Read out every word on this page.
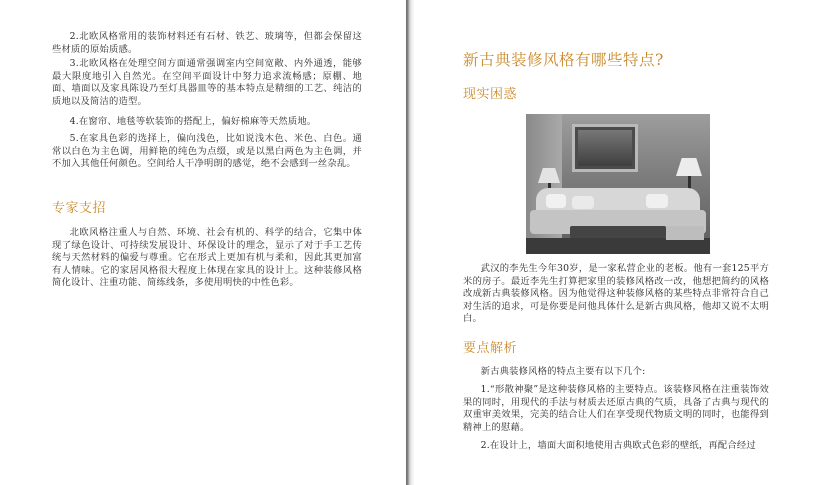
2.北欧风格常用的装饰材料还有石材、铁艺、玻璃等，但都会保留这些材质的原始质感。

3.北欧风格在处理空间方面通常强调室内空间宽敞、内外通透，能够最大限度地引入自然光。在空间平面设计中努力追求流畅感；原棚、地面、墙面以及家具陈设乃至灯具器皿等的基本特点是精细的工艺、纯洁的质地以及简洁的造型。

4.在窗帘、地毯等软装饰的搭配上，偏好棉麻等天然质地。

5.在家具色彩的选择上，偏向浅色，比如说浅木色、米色、白色。通常以白色为主色调，用鲜艳的纯色为点缀，或是以黑白两色为主色调，并不加入其他任何颜色。空间给人干净明朗的感觉，绝不会感到一丝杂乱。

专家支招

北欧风格注重人与自然、环境、社会有机的、科学的结合，它集中体现了绿色设计、可持续发展设计、环保设计的理念，显示了对于手工艺传统与天然材料的偏爱与尊重。它在形式上更加有机与柔和，因此其更加富有人情味。它的家居风格很大程度上体现在家具的设计上。这种装修风格简化设计、注重功能、简练线条，多使用明快的中性色彩。

新古典装修风格有哪些特点?
现实困惑

武汉的李先生今年30岁，是一家私营企业的老板。他有一套125平方米的房子。最近李先生打算把家里的装修风格改一改，他想把简约的风格改成新古典装修风格。因为他觉得这种装修风格的某些特点非常符合自己对生活的追求，可是你要是问他具体什么是新古典风格，他却又说不太明白。

要点解析

新古典装修风格的特点主要有以下几个:

1.“形散神聚”是这种装修风格的主要特点。该装修风格在注重装饰效果的同时，用现代的手法与材质去还原古典的气质，具备了古典与现代的双重审美效果，完美的结合让人们在享受现代物质文明的同时，也能得到精神上的慰藉。

2.在设计上，墙面大面积地使用古典欧式色彩的壁纸，再配合经过
